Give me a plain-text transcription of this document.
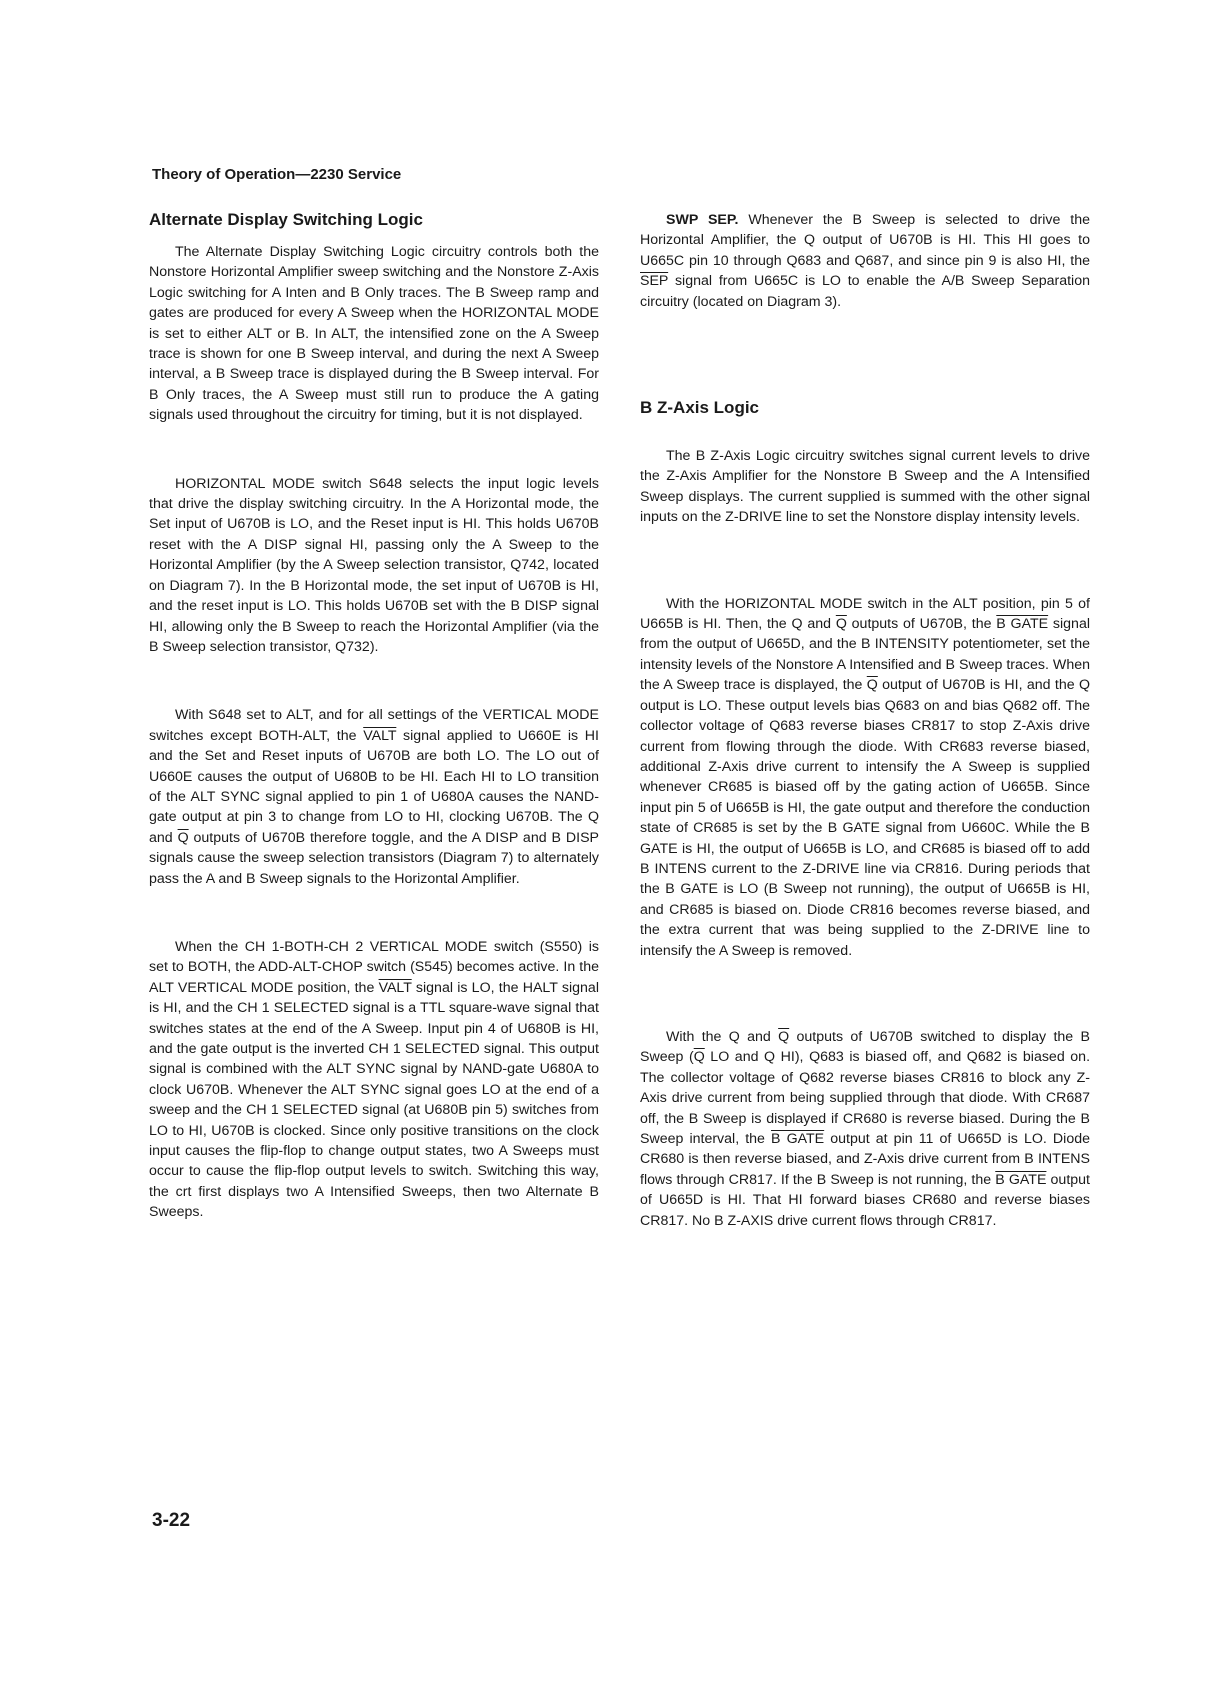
Theory of Operation—2230 Service
Alternate Display Switching Logic

The Alternate Display Switching Logic circuitry controls both the Nonstore Horizontal Amplifier sweep switching and the Nonstore Z-Axis Logic switching for A Inten and B Only traces. The B Sweep ramp and gates are produced for every A Sweep when the HORIZONTAL MODE is set to either ALT or B. In ALT, the intensified zone on the A Sweep trace is shown for one B Sweep interval, and during the next A Sweep interval, a B Sweep trace is displayed during the B Sweep interval. For B Only traces, the A Sweep must still run to produce the A gating signals used throughout the circuitry for timing, but it is not displayed.

HORIZONTAL MODE switch S648 selects the input logic levels that drive the display switching circuitry. In the A Horizontal mode, the Set input of U670B is LO, and the Reset input is HI. This holds U670B reset with the A DISP signal HI, passing only the A Sweep to the Horizontal Amplifier (by the A Sweep selection transistor, Q742, located on Diagram 7). In the B Horizontal mode, the set input of U670B is HI, and the reset input is LO. This holds U670B set with the B DISP signal HI, allowing only the B Sweep to reach the Horizontal Amplifier (via the B Sweep selection transistor, Q732).

With S648 set to ALT, and for all settings of the VERTICAL MODE switches except BOTH-ALT, the VALT signal applied to U660E is HI and the Set and Reset inputs of U670B are both LO. The LO out of U660E causes the output of U680B to be HI. Each HI to LO transition of the ALT SYNC signal applied to pin 1 of U680A causes the NAND-gate output at pin 3 to change from LO to HI, clocking U670B. The Q and $\overline{Q}$ outputs of U670B therefore toggle, and the A DISP and B DISP signals cause the sweep selection transistors (Diagram 7) to alternately pass the A and B Sweep signals to the Horizontal Amplifier.

When the CH 1-BOTH-CH 2 VERTICAL MODE switch (S550) is set to BOTH, the ADD-ALT-CHOP switch (S545) becomes active. In the ALT VERTICAL MODE position, the VALT signal is LO, the HALT signal is HI, and the CH 1 SELECTED signal is a TTL square-wave signal that switches states at the end of the A Sweep. Input pin 4 of U680B is HI, and the gate output is the inverted CH 1 SELECTED signal. This output signal is combined with the ALT SYNC signal by NAND-gate U680A to clock U670B. Whenever the ALT SYNC signal goes LO at the end of a sweep and the CH 1 SELECTED signal (at U680B pin 5) switches from LO to HI, U670B is clocked. Since only positive transitions on the clock input causes the flip-flop to change output states, two A Sweeps must occur to cause the flip-flop output levels to switch. Switching this way, the crt first displays two A Intensified Sweeps, then two Alternate B Sweeps.

SWP SEP. Whenever the B Sweep is selected to drive the Horizontal Amplifier, the Q output of U670B is HI. This HI goes to U665C pin 10 through Q683 and Q687, and since pin 9 is also HI, the $\overline{SEP}$ signal from U665C is LO to enable the A/B Sweep Separation circuitry (located on Diagram 3).

B Z-Axis Logic

The B Z-Axis Logic circuitry switches signal current levels to drive the Z-Axis Amplifier for the Nonstore B Sweep and the A Intensified Sweep displays. The current supplied is summed with the other signal inputs on the Z-DRIVE line to set the Nonstore display intensity levels.

With the HORIZONTAL MODE switch in the ALT position, pin 5 of U665B is HI. Then, the Q and $\overline{Q}$ outputs of U670B, the B GATE signal from the output of U665D, and the B INTENSITY potentiometer, set the intensity levels of the Nonstore A Intensified and B Sweep traces. When the A Sweep trace is displayed, the $\overline{Q}$ output of U670B is HI, and the Q output is LO. These output levels bias Q683 on and bias Q682 off. The collector voltage of Q683 reverse biases CR817 to stop Z-Axis drive current from flowing through the diode. With CR683 reverse biased, additional Z-Axis drive current to intensify the A Sweep is supplied whenever CR685 is biased off by the gating action of U665B. Since input pin 5 of U665B is HI, the gate output and therefore the conduction state of CR685 is set by the B GATE signal from U660C. While the B GATE is HI, the output of U665B is LO, and CR685 is biased off to add B INTENS current to the Z-DRIVE line via CR816. During periods that the B GATE is LO (B Sweep not running), the output of U665B is HI, and CR685 is biased on. Diode CR816 becomes reverse biased, and the extra current that was being supplied to the Z-DRIVE line to intensify the A Sweep is removed.

With the Q and $\overline{Q}$ outputs of U670B switched to display the B Sweep ($\overline{Q}$ LO and Q HI), Q683 is biased off, and Q682 is biased on. The collector voltage of Q682 reverse biases CR816 to block any Z-Axis drive current from being supplied through that diode. With CR687 off, the B Sweep is displayed if CR680 is reverse biased. During the B Sweep interval, the B GATE output at pin 11 of U665D is LO. Diode CR680 is then reverse biased, and Z-Axis drive current from B INTENS flows through CR817. If the B Sweep is not running, the B GATE output of U665D is HI. That HI forward biases CR680 and reverse biases CR817. No B Z-AXIS drive current flows through CR817.

3-22
